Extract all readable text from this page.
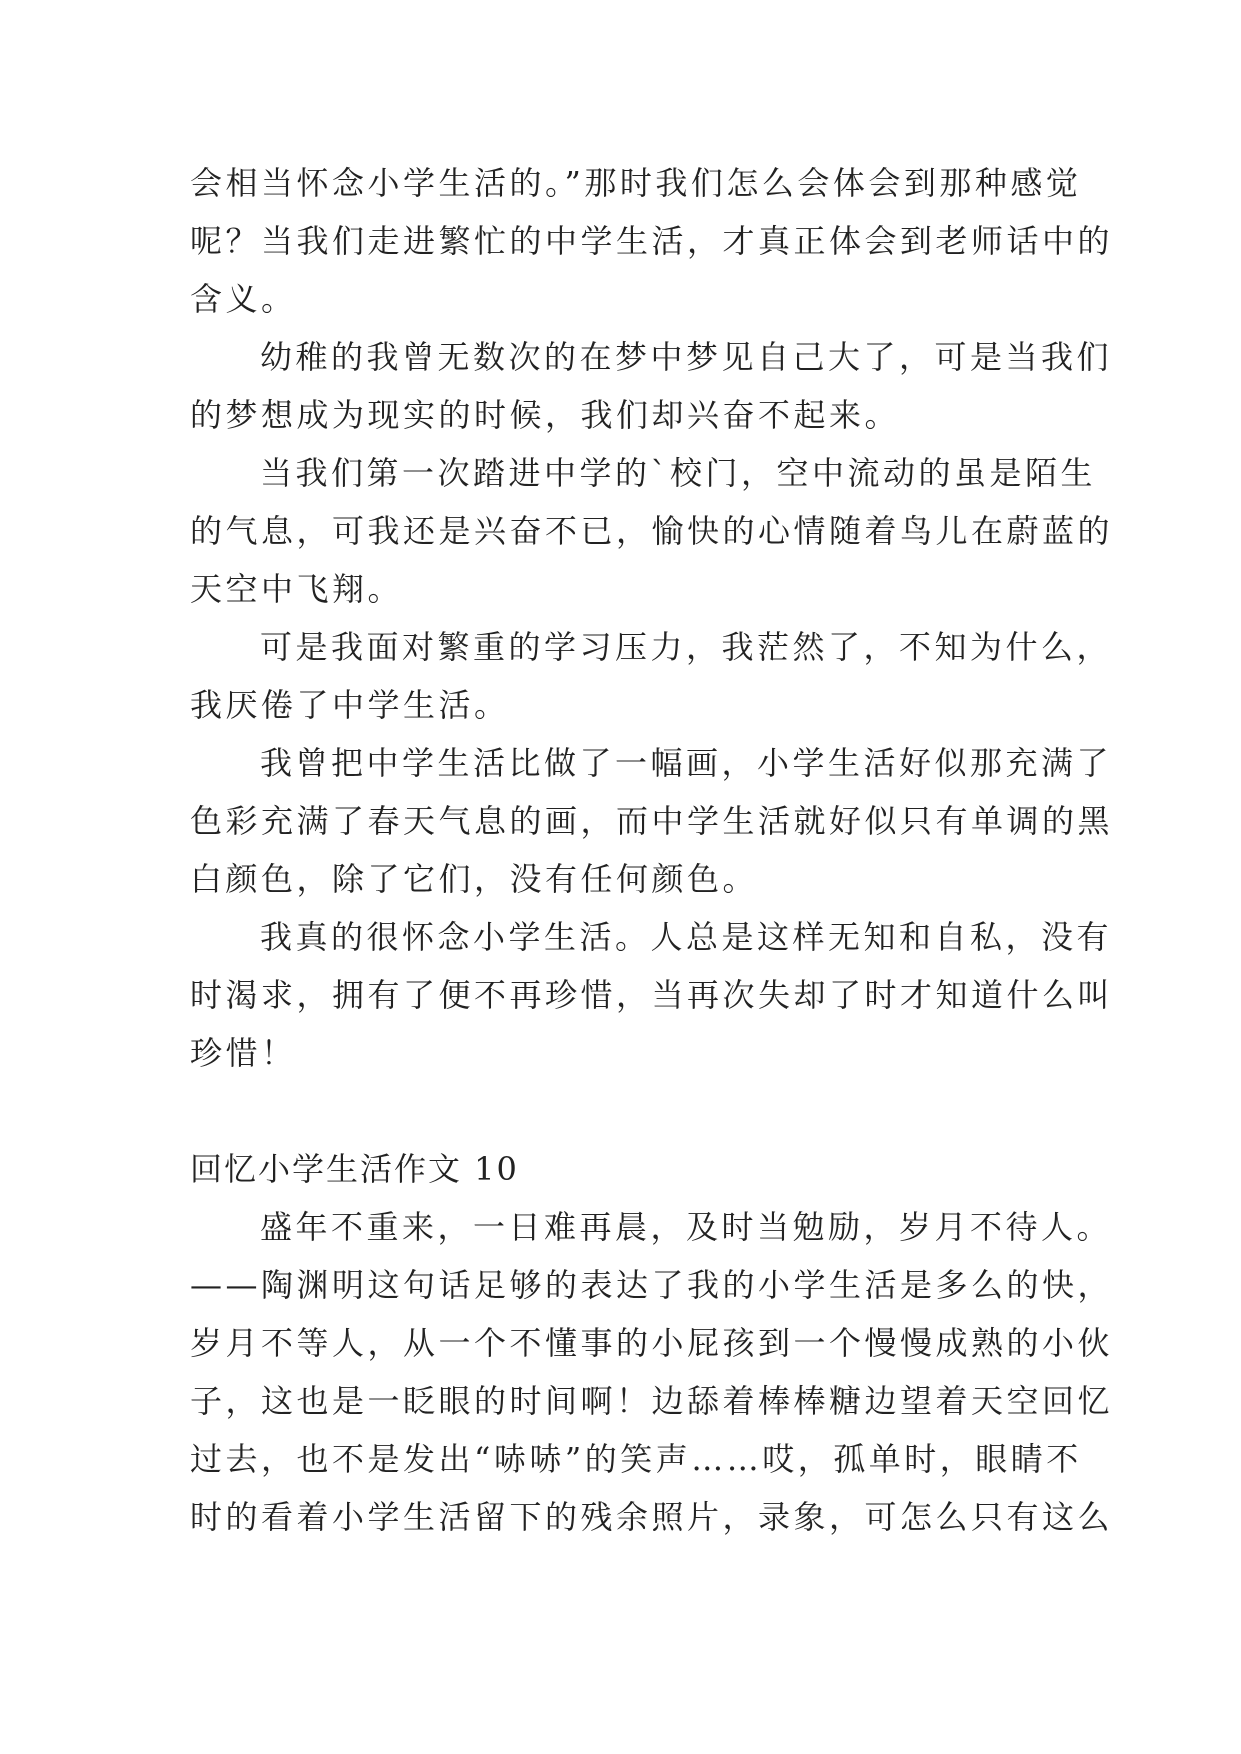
会相当怀念小学生活的。”那时我们怎么会体会到那种感觉
呢？当我们走进繁忙的中学生活，才真正体会到老师话中的
含义。
幼稚的我曾无数次的在梦中梦见自己大了，可是当我们
的梦想成为现实的时候，我们却兴奋不起来。
当我们第一次踏进中学的`校门，空中流动的虽是陌生
的气息，可我还是兴奋不已，愉快的心情随着鸟儿在蔚蓝的
天空中飞翔。
可是我面对繁重的学习压力，我茫然了，不知为什么，
我厌倦了中学生活。
我曾把中学生活比做了一幅画，小学生活好似那充满了
色彩充满了春天气息的画，而中学生活就好似只有单调的黑
白颜色，除了它们，没有任何颜色。
我真的很怀念小学生活。人总是这样无知和自私，没有
时渴求，拥有了便不再珍惜，当再次失却了时才知道什么叫
珍惜！
回忆小学生活作文 10
盛年不重来，一日难再晨，及时当勉励，岁月不待人。
——陶渊明这句话足够的表达了我的小学生活是多么的快，
岁月不等人，从一个不懂事的小屁孩到一个慢慢成熟的小伙
子，这也是一眨眼的时间啊！边舔着棒棒糖边望着天空回忆
过去，也不是发出“哧哧”的笑声……哎，孤单时，眼睛不
时的看着小学生活留下的残余照片，录象，可怎么只有这么
